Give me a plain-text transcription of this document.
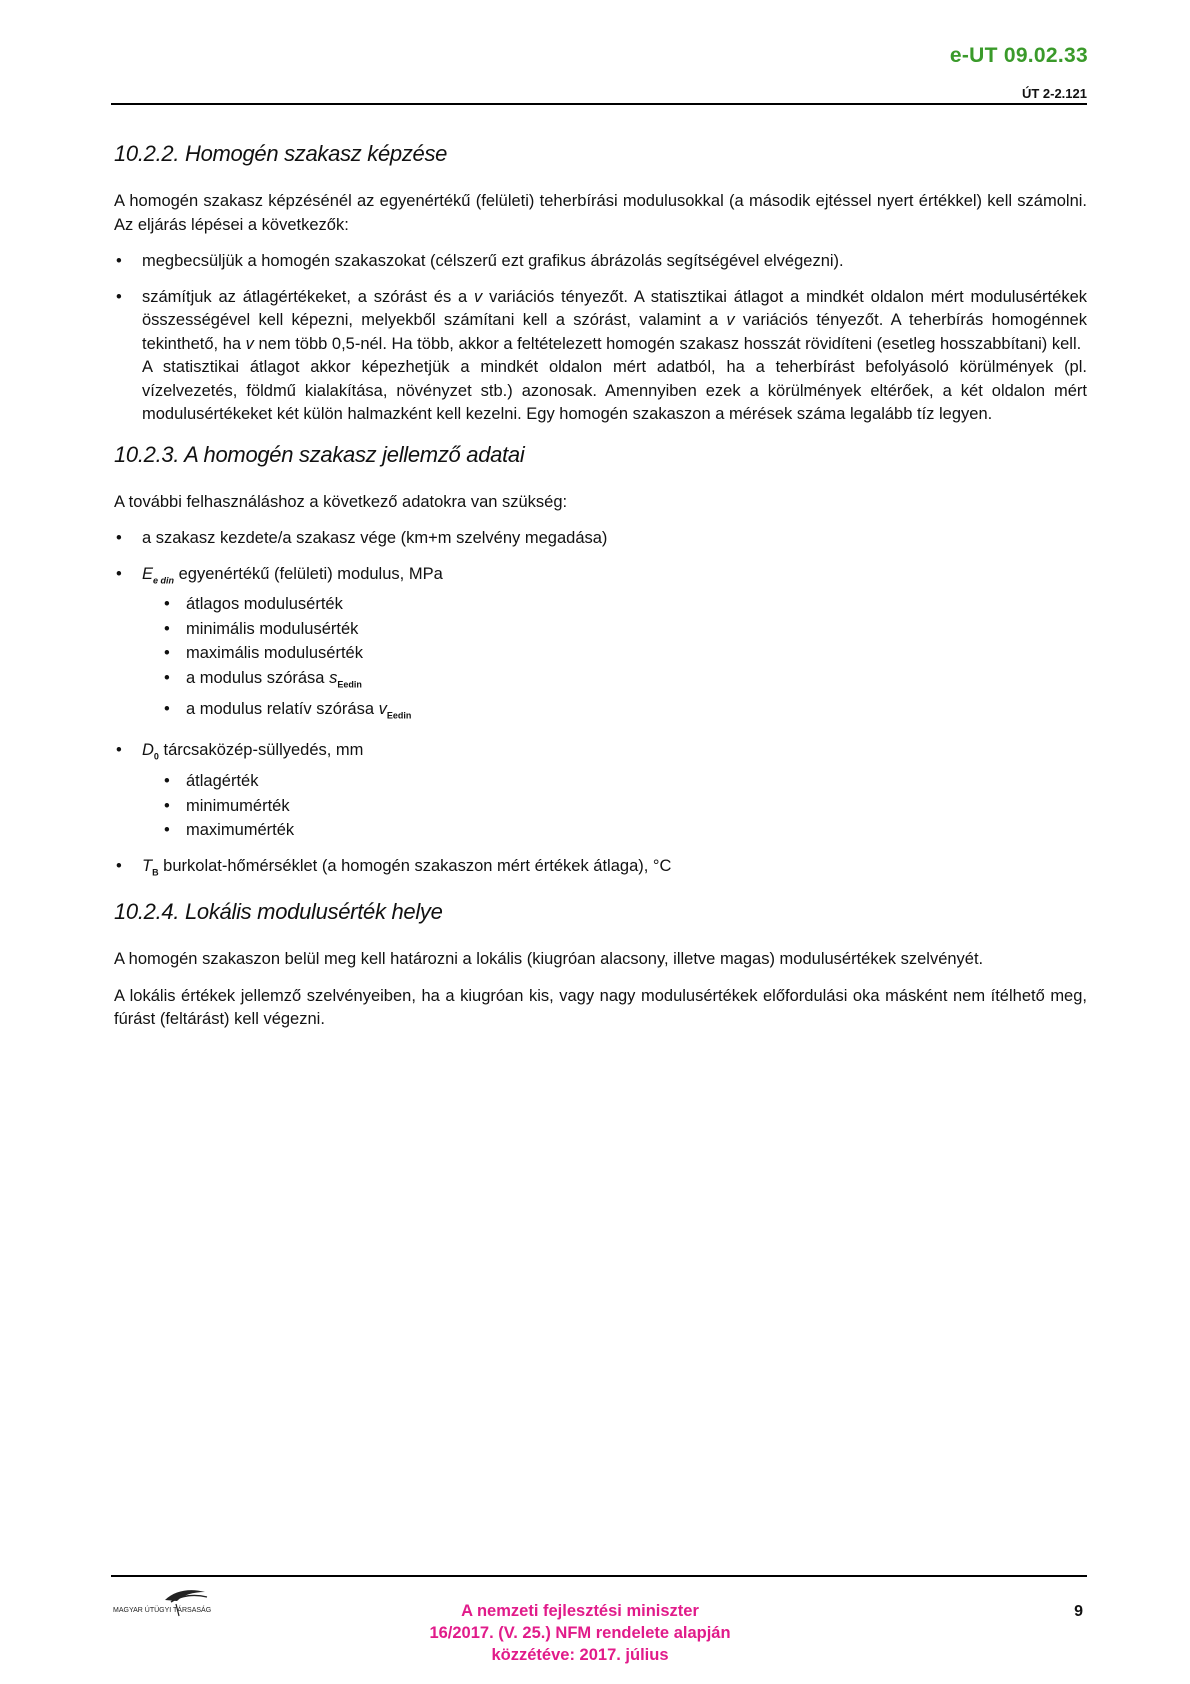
e-UT 09.02.33
ÚT 2-2.121
10.2.2. Homogén szakasz képzése

A homogén szakasz képzésénél az egyenértékű (felületi) teherbírási modulusokkal (a második ejtéssel nyert értékkel) kell számolni. Az eljárás lépései a következők:

• megbecsüljük a homogén szakaszokat (célszerű ezt grafikus ábrázolás segítségével elvégezni).
• számítjuk az átlagértékeket, a szórást és a v variációs tényezőt. A statisztikai átlagot a mindkét oldalon mért modulusértékek összességével kell képezni, melyekből számítani kell a szórást, valamint a v variációs tényezőt. A teherbírás homogénnek tekinthető, ha v nem több 0,5-nél. Ha több, akkor a feltételezett homogén szakasz hosszát rövidíteni (esetleg hosszabbítani) kell.
A statisztikai átlagot akkor képezhetjük a mindkét oldalon mért adatból, ha a teherbírást befolyásoló körülmények (pl. vízelvezetés, földmű kialakítása, növényzet stb.) azonosak. Amennyiben ezek a körülmények eltérőek, a két oldalon mért modulusértékeket két külön halmazként kell kezelni. Egy homogén szakaszon a mérések száma legalább tíz legyen.
10.2.3. A homogén szakasz jellemző adatai

A további felhasználáshoz a következő adatokra van szükség:

• a szakasz kezdete/a szakasz vége (km+m szelvény megadása)
• $E_{e din}$ egyenértékű (felületi) modulus, MPa
• átlagos modulusérték
• minimális modulusérték
• maximális modulusérték
• a modulus szórása $s_{Eedin}$
• a modulus relatív szórása $v_{Eedin}$
• $D_0$ tárcsaközép-süllyedés, mm
• átlagérték
• minimumérték
• maximumérték
• $T_B$ burkolat-hőmérséklet (a homogén szakaszon mért értékek átlaga), °C
10.2.4. Lokális modulusérték helye

A homogén szakaszon belül meg kell határozni a lokális (kiugróan alacsony, illetve magas) modulusértékek szelvényét.

A lokális értékek jellemző szelvényeiben, ha a kiugróan kis, vagy nagy modulusértékek előfordulási oka másként nem ítélhető meg, fúrást (feltárást) kell végezni.

MAGYAR ÚTÜGYI TÁRSASÁG	A nemzeti fejlesztési miniszter
16/2017. (V. 25.) NFM rendelete alapján
közzétéve: 2017. július
9
